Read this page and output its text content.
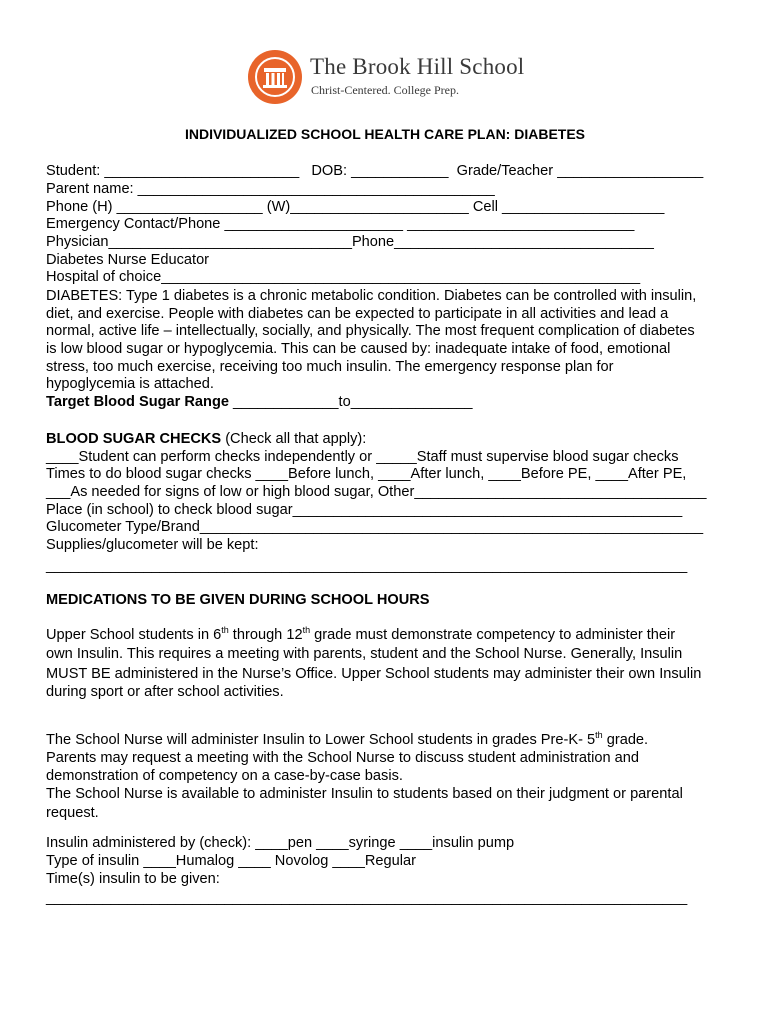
The Brook Hill School
Christ-Centered. College Prep.
INDIVIDUALIZED SCHOOL HEALTH CARE PLAN: DIABETES
Student: ________________________   DOB: ____________  Grade/Teacher __________________
Parent name: ____________________________________________
Phone (H) __________________ (W)______________________ Cell ____________________
Emergency Contact/Phone ______________________ ____________________________
Physician______________________________Phone________________________________
Diabetes Nurse Educator
Hospital of choice___________________________________________________________
DIABETES: Type 1 diabetes is a chronic metabolic condition. Diabetes can be controlled with insulin,
diet, and exercise. People with diabetes can be expected to participate in all activities and lead a
normal, active life – intellectually, socially, and physically. The most frequent complication of diabetes
is low blood sugar or hypoglycemia. This can be caused by: inadequate intake of food, emotional
stress, too much exercise, receiving too much insulin. The emergency response plan for
hypoglycemia is attached.
Target Blood Sugar Range _____________to_______________
BLOOD SUGAR CHECKS (Check all that apply):
____Student can perform checks independently or _____Staff must supervise blood sugar checks
Times to do blood sugar checks ____Before lunch, ____After lunch, ____Before PE, ____After PE,
___As needed for signs of low or high blood sugar, Other____________________________________
Place (in school) to check blood sugar________________________________________________
Glucometer Type/Brand______________________________________________________________
Supplies/glucometer will be kept:
_______________________________________________________________________________
MEDICATIONS TO BE GIVEN DURING SCHOOL HOURS
Upper School students in 6th through 12th grade must demonstrate competency to administer their
own Insulin. This requires a meeting with parents, student and the School Nurse. Generally, Insulin
MUST BE administered in the Nurse’s Office. Upper School students may administer their own Insulin
during sport or after school activities.
The School Nurse will administer Insulin to Lower School students in grades Pre-K- 5th grade.
Parents may request a meeting with the School Nurse to discuss student administration and
demonstration of competency on a case-by-case basis.
The School Nurse is available to administer Insulin to students based on their judgment or parental
request.
Insulin administered by (check): ____pen ____syringe ____insulin pump
Type of insulin ____Humalog ____ Novolog ____Regular
Time(s) insulin to be given:
_______________________________________________________________________________
